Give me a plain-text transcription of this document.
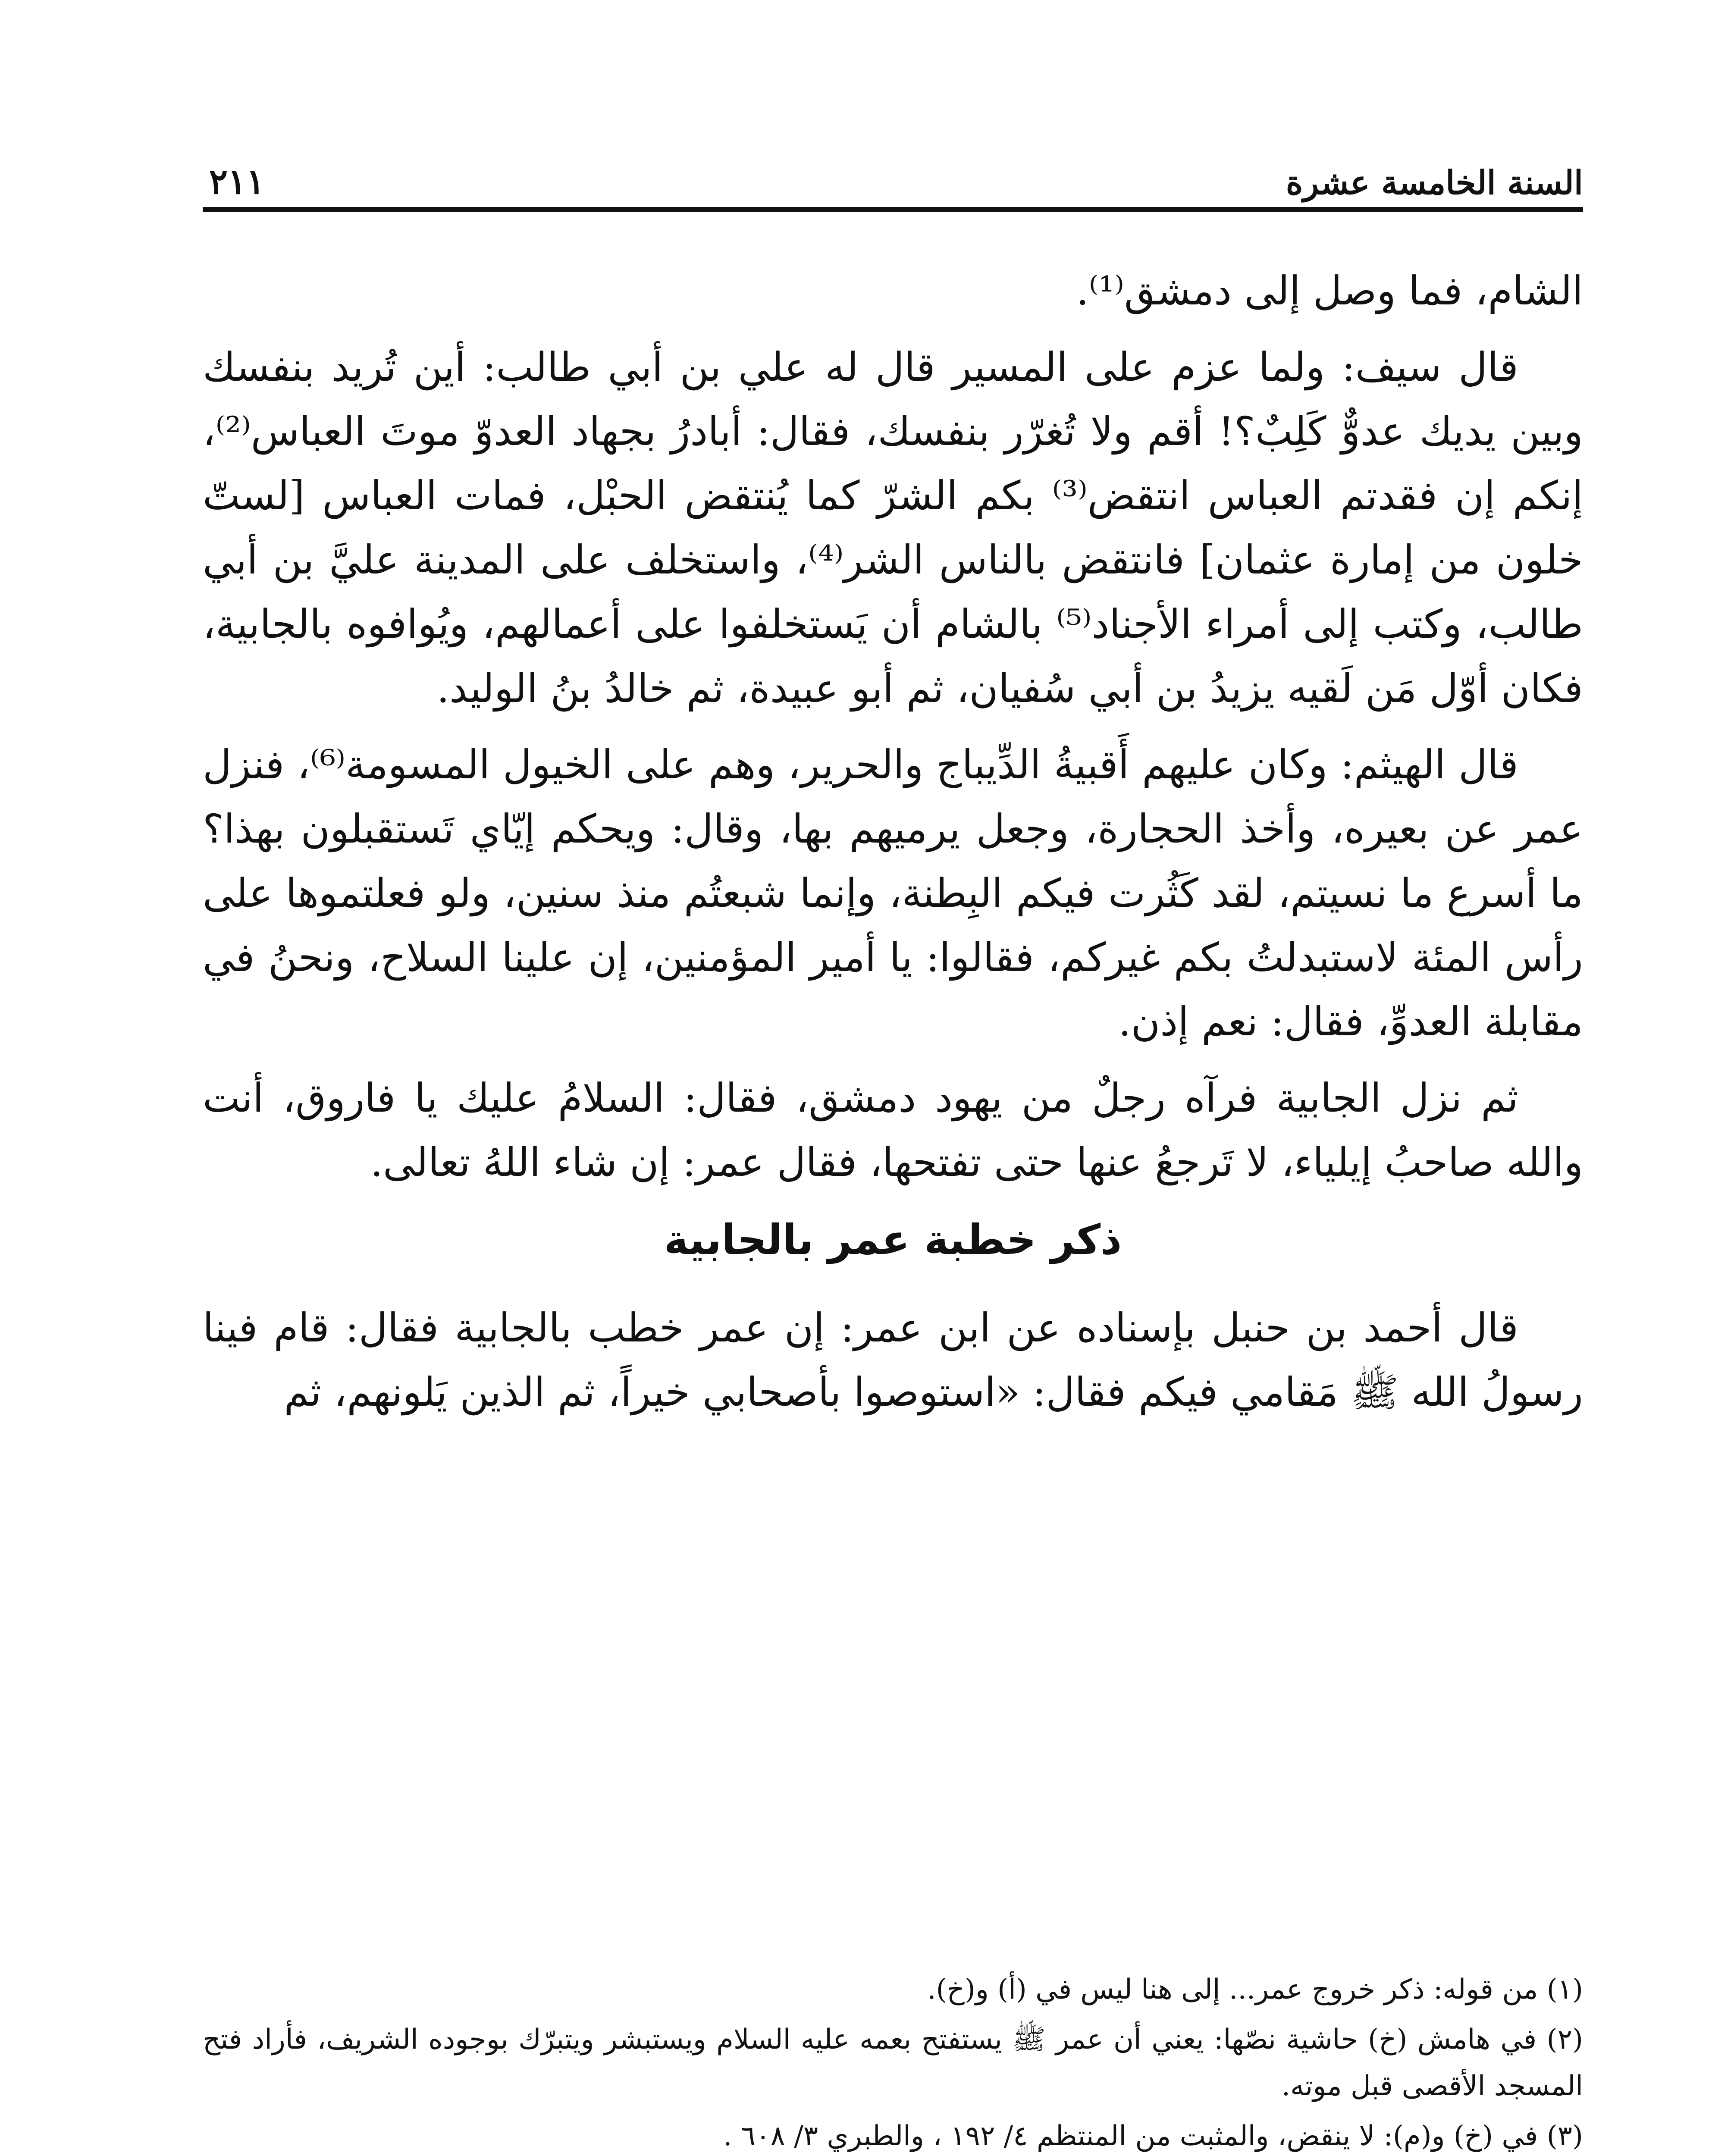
السنة الخامسة عشرة
٢١١

الشام، فما وصل إلى دمشق⁽¹⁾.

قال سيف: ولما عزم على المسير قال له علي بن أبي طالب: أين تُريد بنفسك وبين يديك عدوٌّ كَلِبٌ؟! أقم ولا تُغرّر بنفسك، فقال: أبادرُ بجهاد العدوّ موتَ العباس⁽²⁾، إنكم إن فقدتم العباس انتقض⁽³⁾ بكم الشرّ كما يُنتقض الحبْل، فمات العباس [لستّ خلون من إمارة عثمان] فانتقض بالناس الشر⁽⁴⁾، واستخلف على المدينة عليَّ بن أبي طالب، وكتب إلى أمراء الأجناد⁽⁵⁾ بالشام أن يَستخلفوا على أعمالهم، ويُوافوه بالجابية، فكان أوّل مَن لَقيه يزيدُ بن أبي سُفيان، ثم أبو عبيدة، ثم خالدُ بنُ الوليد.

قال الهيثم: وكان عليهم أَقبيةُ الدِّيباج والحرير، وهم على الخيول المسومة⁽⁶⁾، فنزل عمر عن بعيره، وأخذ الحجارة، وجعل يرميهم بها، وقال: ويحكم إيّاي تَستقبلون بهذا؟ ما أسرع ما نسيتم، لقد كَثُرت فيكم البِطنة، وإنما شبعتُم منذ سنين، ولو فعلتموها على رأس المئة لاستبدلتُ بكم غيركم، فقالوا: يا أمير المؤمنين، إن علينا السلاح، ونحنُ في مقابلة العدوِّ، فقال: نعم إذن.

ثم نزل الجابية فرآه رجلٌ من يهود دمشق، فقال: السلامُ عليك يا فاروق، أنت والله صاحبُ إيلياء، لا تَرجعُ عنها حتى تفتحها، فقال عمر: إن شاء اللهُ تعالى.

ذكر خطبة عمر بالجابية

قال أحمد بن حنبل بإسناده عن ابن عمر: إن عمر خطب بالجابية فقال: قام فينا رسولُ الله ﷺ مَقامي فيكم فقال: «استوصوا بأصحابي خيراً، ثم الذين يَلونهم، ثم

(١) من قوله: ذكر خروج عمر... إلى هنا ليس في (أ) و(خ).

(٢) في هامش (خ) حاشية نصّها: يعني أن عمر ﷺ يستفتح بعمه عليه السلام ويستبشر ويتبرّك بوجوده الشريف، فأراد فتح المسجد الأقصى قبل موته.

(٣) في (خ) و(م): لا ينقض، والمثبت من المنتظم ٤/ ١٩٢ ، والطبري ٣/ ٦٠٨ .
